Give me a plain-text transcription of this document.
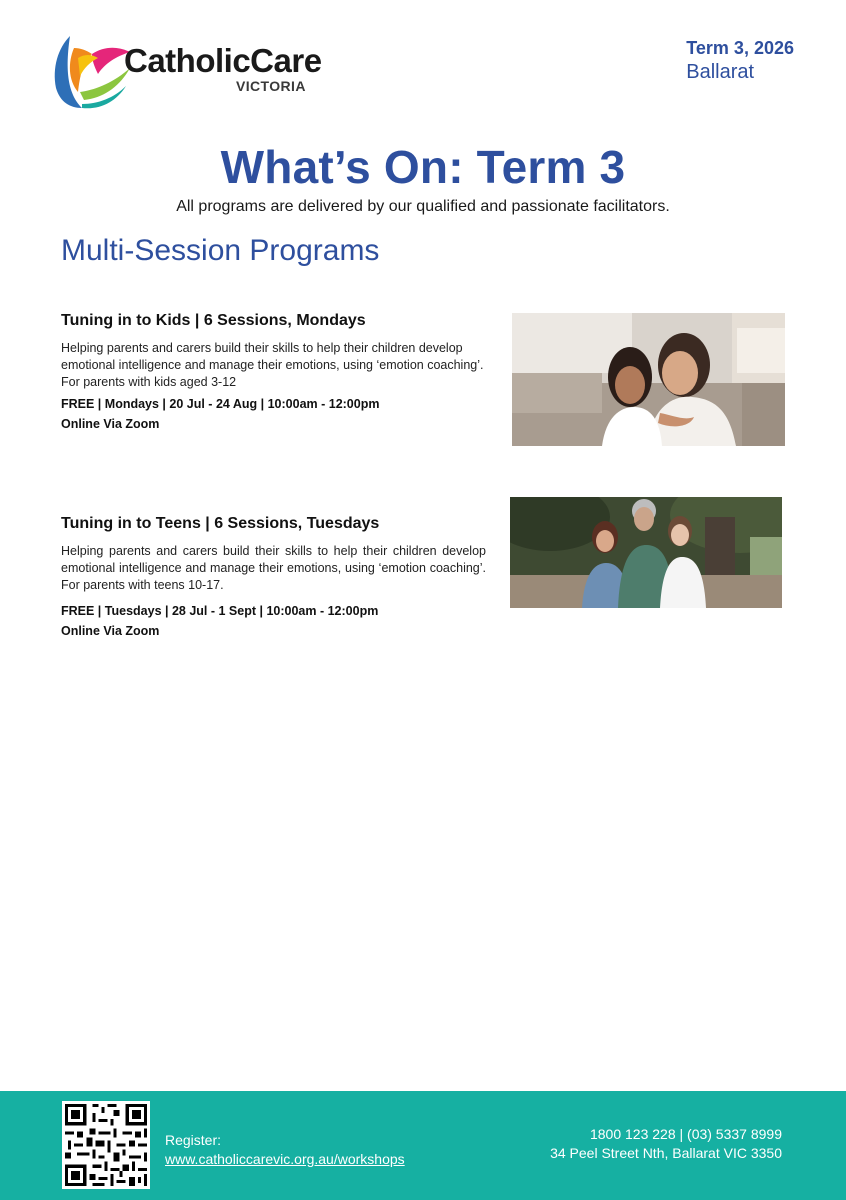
CatholicCare
VICTORIA
Term 3, 2026
Ballarat
What’s On: Term 3
All programs are delivered by our qualified and passionate facilitators.
Multi-Session Programs
Tuning in to Kids | 6 Sessions, Mondays

Helping parents and carers build their skills to help their children develop emotional intelligence and manage their emotions, using ‘emotion coaching’. For parents with kids aged 3-12

FREE | Mondays | 20 Jul - 24 Aug | 10:00am - 12:00pm
Online Via Zoom
Tuning in to Teens | 6 Sessions, Tuesdays

Helping parents and carers build their skills to help their children develop emotional intelligence and manage their emotions, using ‘emotion coaching’. For parents with teens 10-17.

FREE | Tuesdays | 28 Jul - 1 Sept | 10:00am - 12:00pm
Online Via Zoom
Register:
www.catholiccarevic.org.au/workshops
1800 123 228 | (03) 5337 8999
34 Peel Street Nth, Ballarat VIC 3350
